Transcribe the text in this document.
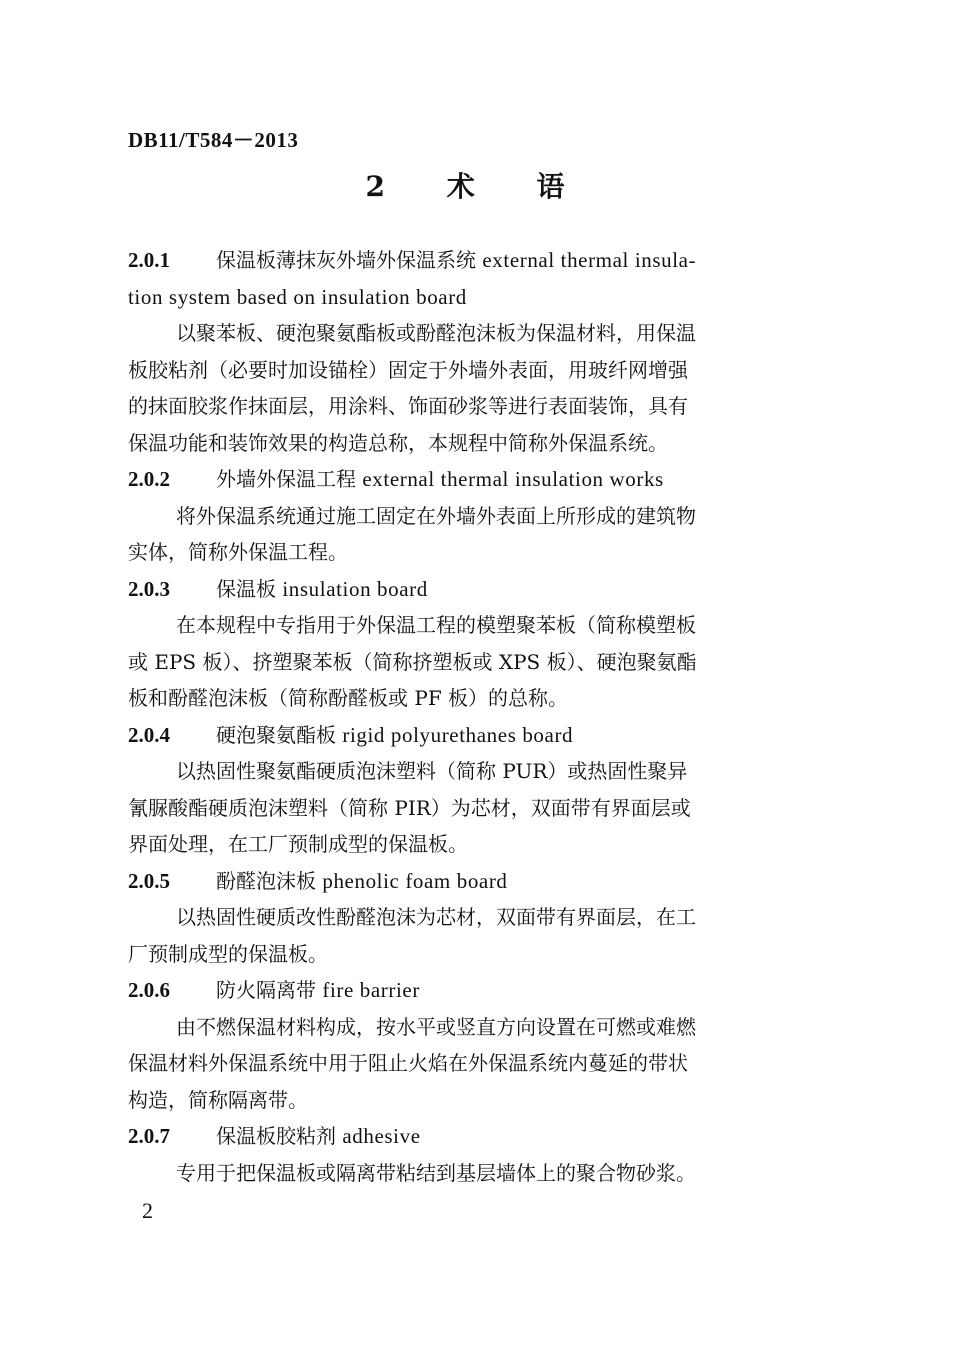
DB11/T584－2013
2 术 语

2.0.1 保温板薄抹灰外墙外保温系统 external thermal insula-

tion system based on insulation board

以聚苯板、硬泡聚氨酯板或酚醛泡沫板为保温材料，用保温

板胶粘剂（必要时加设锚栓）固定于外墙外表面，用玻纤网增强

的抹面胶浆作抹面层，用涂料、饰面砂浆等进行表面装饰，具有

保温功能和装饰效果的构造总称，本规程中简称外保温系统。

2.0.2 外墙外保温工程 external thermal insulation works

将外保温系统通过施工固定在外墙外表面上所形成的建筑物

实体，简称外保温工程。

2.0.3 保温板 insulation board

在本规程中专指用于外保温工程的模塑聚苯板（简称模塑板

或 EPS 板）、挤塑聚苯板（简称挤塑板或 XPS 板）、硬泡聚氨酯

板和酚醛泡沫板（简称酚醛板或 PF 板）的总称。

2.0.4 硬泡聚氨酯板 rigid polyurethanes board

以热固性聚氨酯硬质泡沫塑料（简称 PUR）或热固性聚异

氰脲酸酯硬质泡沫塑料（简称 PIR）为芯材，双面带有界面层或

界面处理，在工厂预制成型的保温板。

2.0.5 酚醛泡沫板 phenolic foam board

以热固性硬质改性酚醛泡沫为芯材，双面带有界面层，在工

厂预制成型的保温板。

2.0.6 防火隔离带 fire barrier

由不燃保温材料构成，按水平或竖直方向设置在可燃或难燃

保温材料外保温系统中用于阻止火焰在外保温系统内蔓延的带状

构造，简称隔离带。

2.0.7 保温板胶粘剂 adhesive

专用于把保温板或隔离带粘结到基层墙体上的聚合物砂浆。

2
